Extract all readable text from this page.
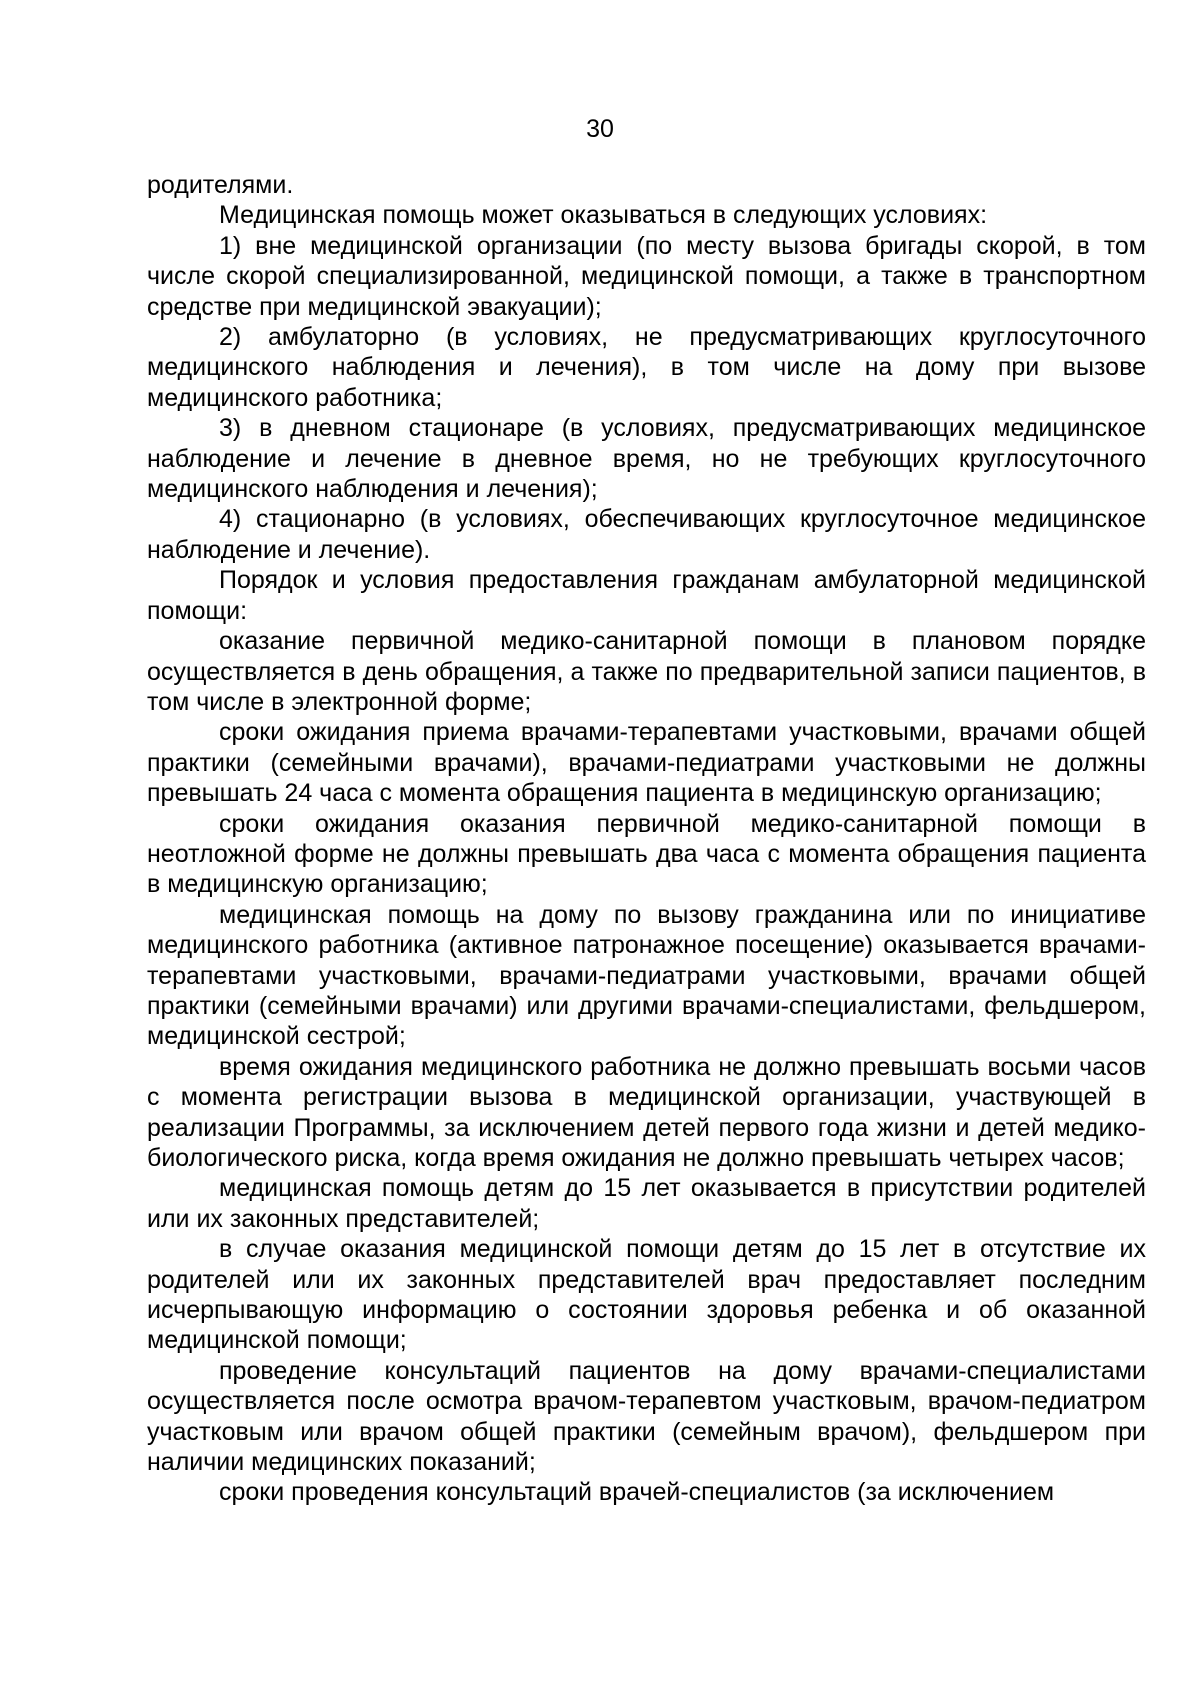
30

родителями.

Медицинская помощь может оказываться в следующих условиях:

1) вне медицинской организации (по месту вызова бригады скорой, в том числе скорой специализированной, медицинской помощи, а также в транспортном средстве при медицинской эвакуации);

2) амбулаторно (в условиях, не предусматривающих круглосуточного медицинского наблюдения и лечения), в том числе на дому при вызове медицинского работника;

3) в дневном стационаре (в условиях, предусматривающих медицинское наблюдение и лечение в дневное время, но не требующих круглосуточного медицинского наблюдения и лечения);

4) стационарно (в условиях, обеспечивающих круглосуточное медицинское наблюдение и лечение).

Порядок и условия предоставления гражданам амбулаторной медицинской помощи:

оказание первичной медико-санитарной помощи в плановом порядке осуществляется в день обращения, а также по предварительной записи пациентов, в том числе в электронной форме;

сроки ожидания приема врачами-терапевтами участковыми, врачами общей практики (семейными врачами), врачами-педиатрами участковыми не должны превышать 24 часа с момента обращения пациента в медицинскую организацию;

сроки ожидания оказания первичной медико-санитарной помощи в неотложной форме не должны превышать два часа с момента обращения пациента в медицинскую организацию;

медицинская помощь на дому по вызову гражданина или по инициативе медицинского работника (активное патронажное посещение) оказывается врачами-терапевтами участковыми, врачами-педиатрами участковыми, врачами общей практики (семейными врачами) или другими врачами-специалистами, фельдшером, медицинской сестрой;

время ожидания медицинского работника не должно превышать восьми часов с момента регистрации вызова в медицинской организации, участвующей в реализации Программы, за исключением детей первого года жизни и детей медико-биологического риска, когда время ожидания не должно превышать четырех часов;

медицинская помощь детям до 15 лет оказывается в присутствии родителей или их законных представителей;

в случае оказания медицинской помощи детям до 15 лет в отсутствие их родителей или их законных представителей врач предоставляет последним исчерпывающую информацию о состоянии здоровья ребенка и об оказанной медицинской помощи;

проведение консультаций пациентов на дому врачами-специалистами осуществляется после осмотра врачом-терапевтом участковым, врачом-педиатром участковым или врачом общей практики (семейным врачом), фельдшером при наличии медицинских показаний;

сроки проведения консультаций врачей-специалистов (за исключением
